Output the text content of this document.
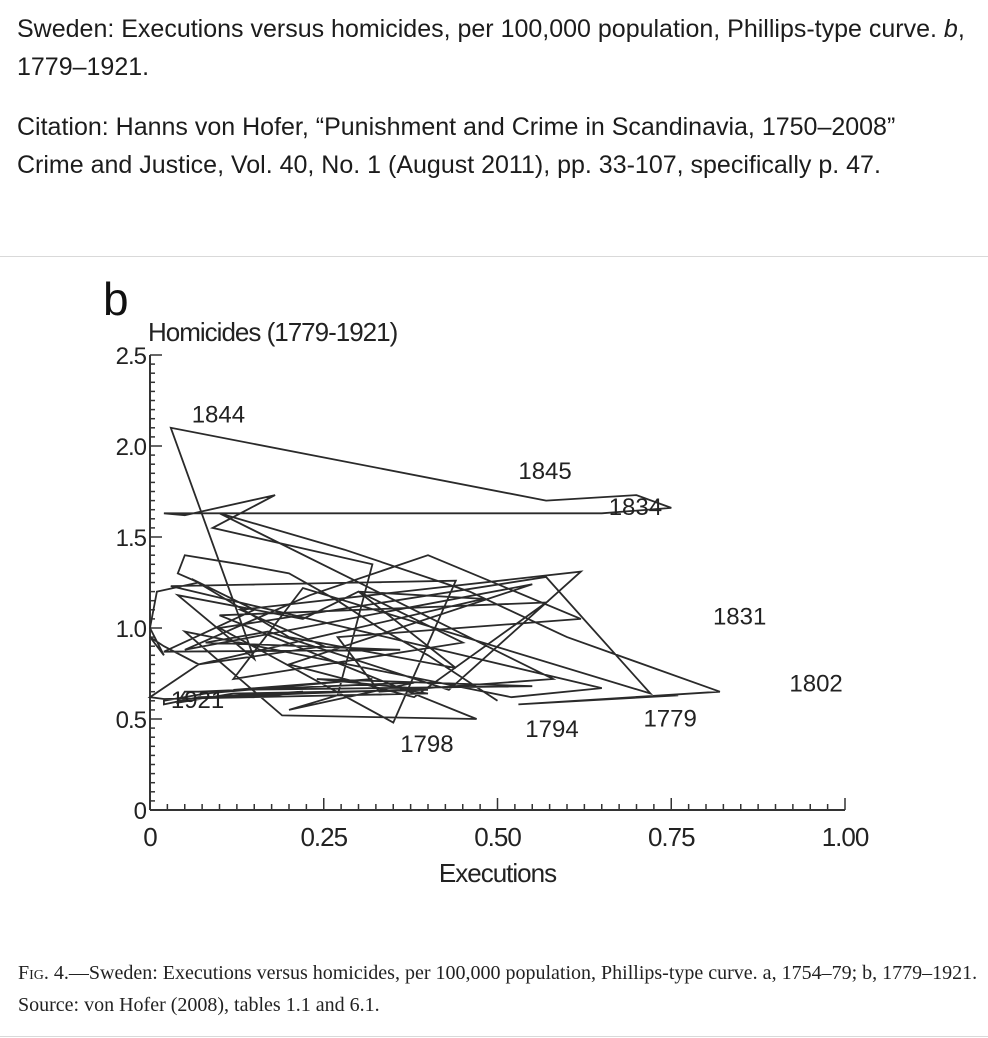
Sweden: Executions versus homicides, per 100,000 population, Phillips-type curve. b, 1779–1921.

Citation: Hanns von Hofer, “Punishment and Crime in Scandinavia, 1750–2008” Crime and Justice, Vol. 40, No. 1 (August 2011), pp. 33-107, specifically p. 47.

0	0.25	0.50	0.75	1.00
0
0.5
1.0
1.5
2.0
2.5
b
Homicides (1779-1921)
Executions
1844
1845
1834
1831
1802
1779
1794
1798
1921
Fig. 4.—Sweden: Executions versus homicides, per 100,000 population, Phillips-type curve. a, 1754–79; b, 1779–1921. Source: von Hofer (2008), tables 1.1 and 6.1.
